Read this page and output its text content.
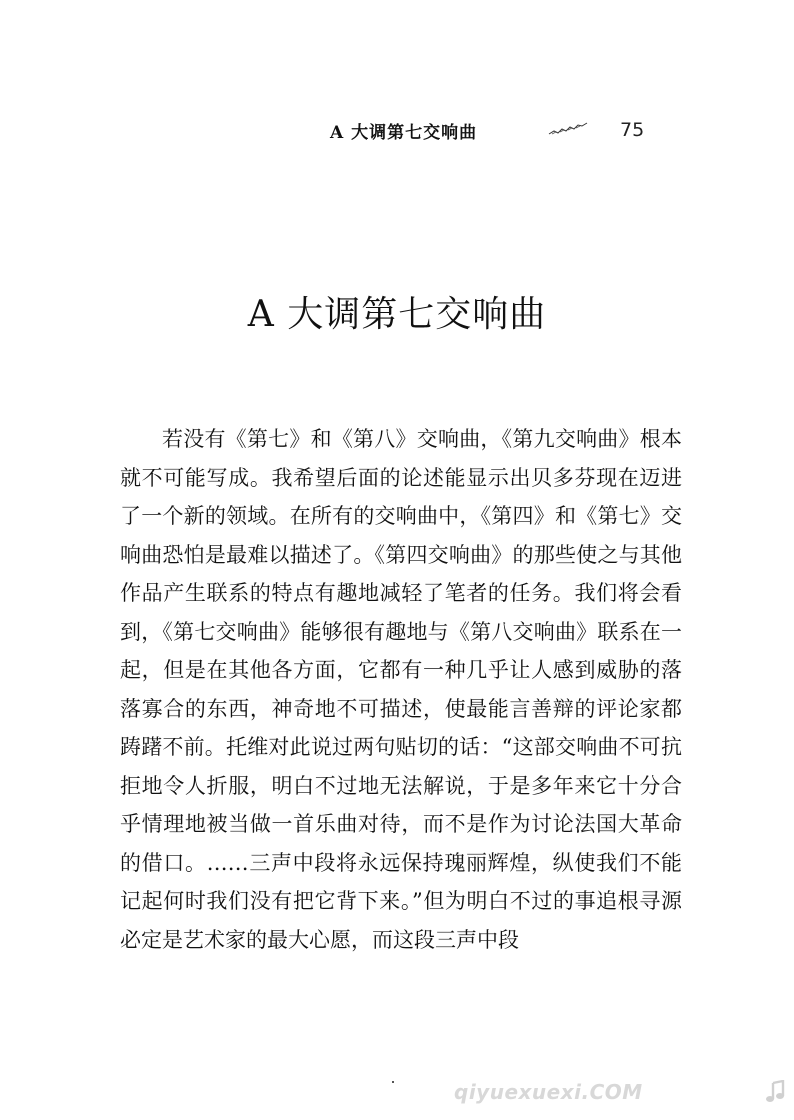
A 大调第七交响曲	75
A 大调第七交响曲

若没有《第七》和《第八》交响曲，《第九交响曲》根本就不可能写成。我希望后面的论述能显示出贝多芬现在迈进了一个新的领域。在所有的交响曲中，《第四》和《第七》交响曲恐怕是最难以描述了。《第四交响曲》的那些使之与其他作品产生联系的特点有趣地减轻了笔者的任务。我们将会看到，《第七交响曲》能够很有趣地与《第八交响曲》联系在一起，但是在其他各方面，它都有一种几乎让人感到威胁的落落寡合的东西，神奇地不可描述，使最能言善辩的评论家都踌躇不前。托维对此说过两句贴切的话：“这部交响曲不可抗拒地令人折服，明白不过地无法解说，于是多年来它十分合乎情理地被当做一首乐曲对待，而不是作为讨论法国大革命的借口。……三声中段将永远保持瑰丽辉煌，纵使我们不能记起何时我们没有把它背下来。”但为明白不过的事追根寻源必定是艺术家的最大心愿，而这段三声中段

qiyuexuexi.COM
